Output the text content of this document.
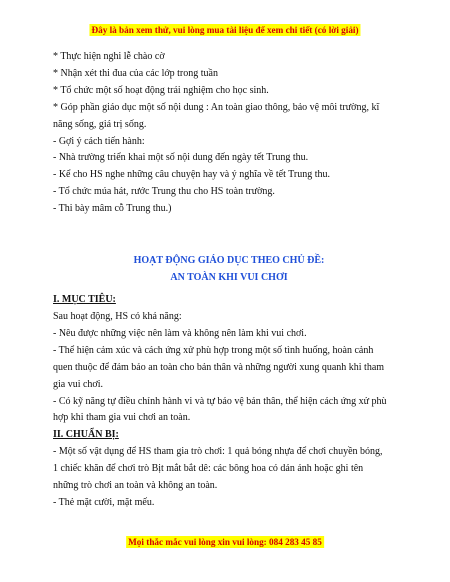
Đây là bản xem thử, vui lòng mua tài liệu để xem chi tiết (có lời giải)

* Thực hiện nghi lễ chào cờ

* Nhận xét thi đua của các lớp trong tuần

* Tổ chức một số hoạt động trải nghiệm cho học sinh.

* Góp phần giáo dục một số nội dung : An toàn giao thông, bảo vệ môi trường, kĩ

năng sống, giá trị sống.

- Gợi ý cách tiến hành:

- Nhà trường triển khai một số nội dung đến ngày tết Trung thu.

- Kể cho HS nghe những câu chuyện hay và ý nghĩa về tết Trung thu.

- Tổ chức múa hát, rước Trung thu cho HS toàn trường.

- Thi bày mâm cỗ Trung thu.)

HOẠT ĐỘNG GIÁO DỤC THEO CHỦ ĐỀ:

AN TOÀN KHI VUI CHƠI

I. MỤC TIÊU:

Sau hoạt động, HS có khả năng:

- Nêu được những việc nên làm và không nên làm khi vui chơi.

- Thể hiện cảm xúc và cách ứng xử phù hợp trong một số tình huống, hoàn cảnh

quen thuộc để đảm bảo an toàn cho bản thân và những người xung quanh khi tham

gia vui chơi.

- Có kỹ năng tự điều chỉnh hành vi và tự bảo vệ bản thân, thể hiện cách ứng xử phù

hợp khi tham gia vui chơi an toàn.

II. CHUẨN BỊ:

- Một số vật dụng để HS tham gia trò chơi: 1 quả bóng nhựa để chơi chuyền bóng,

1 chiếc khăn để chơi trò Bịt mắt bắt dê: các bông hoa có dán ảnh hoặc ghi tên

những trò chơi an toàn và không an toàn.

- Thẻ mặt cười, mặt mếu.

Mọi thắc mắc vui lòng xin vui lòng: 084 283 45 85
